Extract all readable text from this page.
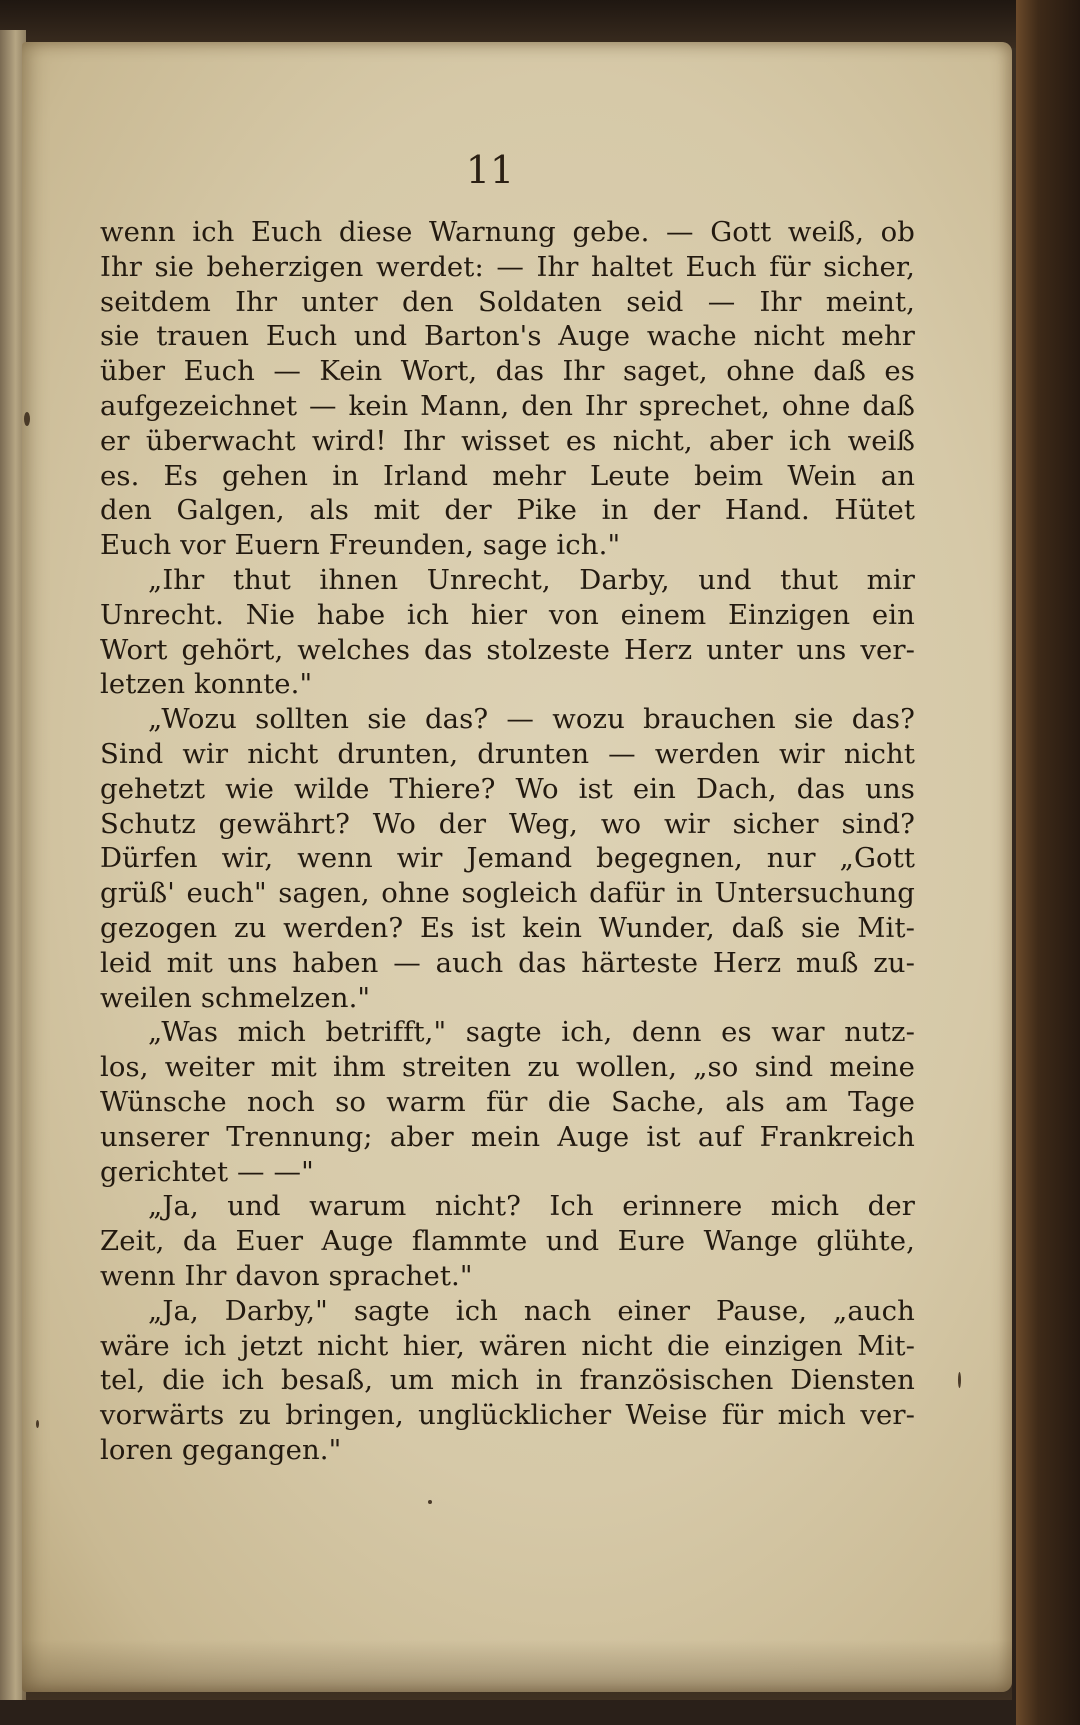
11
wenn ich Euch diese Warnung gebe. — Gott weiß, ob
Ihr sie beherzigen werdet: — Ihr haltet Euch für sicher,
seitdem Ihr unter den Soldaten seid — Ihr meint,
sie trauen Euch und Barton's Auge wache nicht mehr
über Euch — Kein Wort, das Ihr saget, ohne daß es
aufgezeichnet — kein Mann, den Ihr sprechet, ohne daß
er überwacht wird! Ihr wisset es nicht, aber ich weiß
es. Es gehen in Irland mehr Leute beim Wein an
den Galgen, als mit der Pike in der Hand. Hütet
Euch vor Euern Freunden, sage ich."
„Ihr thut ihnen Unrecht, Darby, und thut mir
Unrecht. Nie habe ich hier von einem Einzigen ein
Wort gehört, welches das stolzeste Herz unter uns ver-
letzen konnte."
„Wozu sollten sie das? — wozu brauchen sie das?
Sind wir nicht drunten, drunten — werden wir nicht
gehetzt wie wilde Thiere? Wo ist ein Dach, das uns
Schutz gewährt? Wo der Weg, wo wir sicher sind?
Dürfen wir, wenn wir Jemand begegnen, nur „Gott
grüß' euch" sagen, ohne sogleich dafür in Untersuchung
gezogen zu werden? Es ist kein Wunder, daß sie Mit-
leid mit uns haben — auch das härteste Herz muß zu-
weilen schmelzen."
„Was mich betrifft," sagte ich, denn es war nutz-
los, weiter mit ihm streiten zu wollen, „so sind meine
Wünsche noch so warm für die Sache, als am Tage
unserer Trennung; aber mein Auge ist auf Frankreich
gerichtet — —"
„Ja, und warum nicht? Ich erinnere mich der
Zeit, da Euer Auge flammte und Eure Wange glühte,
wenn Ihr davon sprachet."
„Ja, Darby," sagte ich nach einer Pause, „auch
wäre ich jetzt nicht hier, wären nicht die einzigen Mit-
tel, die ich besaß, um mich in französischen Diensten
vorwärts zu bringen, unglücklicher Weise für mich ver-
loren gegangen."
